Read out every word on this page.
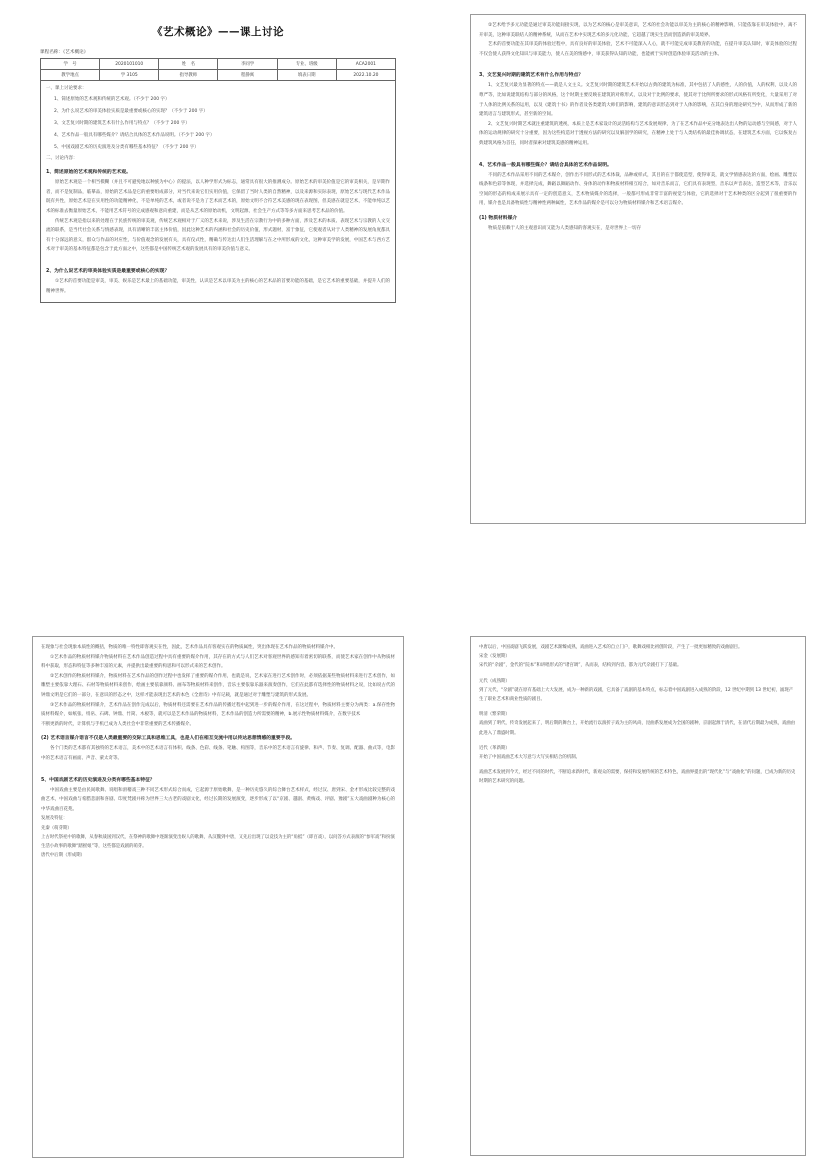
《艺术概论》——课上讨论
课程名称：《艺术概论》
学　号	2020101010	姓　名	李同学	专业、班级	ACA2001
教学地点	学 3105	指导教师	程静寓	填表日期	2022.10.20
一、课上讨论要求：
1、简述原始的艺术观和传统的艺术观。（不少于 200 字）
2、为什么说艺术的审美体验实质是最重要或核心的实现？（不少于 200 字）
3、文艺复兴时期的建筑艺术有什么作用与特点？（不少于 200 字）
4、艺术作品一般具有哪些媒介？请结合具体的艺术作品说明。（不少于 200 字）
5、中国戏剧艺术的历史演进及分类有哪些基本特征？（不少于 200 字）
二、讨论内容：
1、简述原始的艺术观和传统的艺术观。
原始艺术观是一个相当模糊（并且不可避免地以种族为中心）的提法，以人种学形式为标志，通常具有很大的推测成分。原始艺术的审美价值是它的审美相关，是早期作者，而不是复制品，临摹品，原始的艺术品是它的重要组成部分，对当代来说它们实用价值，它保留了当时人类的自然精神，以及来源和实际表现，原始艺术与现代艺术作品既有共性，原始艺术是在实用性的功能精神化，不是单纯的艺术，或者说不是为了艺术而艺术的，原始文明不合符艺术美感的现在表现图，但美感在就是艺术，不能单纯以艺术的标准去衡量原始艺术，不能用艺术符号的完成感观和意向重建，而是从艺术的原始动机，文明起源，社会生产方式等等多方面来思考艺术品的价值。
传统艺术观是指以来的处理在于民族传统的审美观，传统艺术观相对于广义的艺术来说，涉及生活在宗教行为中的多种方面，涉及艺术的本质、表现艺术与宗教的人文交流的联系，是当代社会关系与情感表现，具有清晰的丰富主体价值，因此这种艺术的内涵和社会的历史价值，形式题材，富于象征，它使观者从对于人类精神的发展角度都具有十分深远的意义，群众与作品的对应性，与价值观念的发展有关，具有仪式性，精确与传达出人们生活理解与在之中所形成的文化，这种审美学的发展，中国艺术与西方艺术对于审美的基本特征都是包含于此方面之中，这些都是中国传统艺术观的发展具有的审美价值与意义。
2、为什么说艺术的审美体验实质是最重要或核心的实现？
①艺术的首要功能是审美，审美、娱乐是艺术最上的基础功能，审美性，认识是艺术以审美为主的核心的艺术品的首要功能的基础，是它艺术的重要基础，并提升人们的精神世界。
②艺术给予多元功能是通过审美功能间接实现，以为艺术的核心是审美意识，艺术的社会功能以审美为主的核心的精神影响，只能依靠在审美体验中，离不开审美，这种审美联结人的精神系统，从而在艺术中实现艺术的多元化功能，它超越了现实生活而创造新的审美境界。
艺术的首要功能在其审美的体验过程中，具有良好的审美体验，艺术不可能深入人心，就不可能完成审美教育的功能，在提升审美认知时，审美体验的过程不仅会使人获得文化知识与审美能力，使人在美的情感中，审美获得认知的功能，也能被于实时创造体验审美活动的主体。
3、文艺复兴时期的建筑艺术有什么作用与特点？
1、文艺复兴最为显著的特点——就是人文主义。文艺复兴时期的建筑艺术开始以古典的建筑为标准，其中包括了人的感性，人的价值，人的权利，以及人的尊严等，比如说建筑结构与部分的风格，这个时期主要反映在建筑的对称形式，以及对于比例的要求，使其对于比例所要求的形式风格有所变化，大量采用了对于人体的比例关系的运用，以及《建筑十书》的作者及各类建筑大师们的影响，建筑的意识形态到对于人体的影响，在其自身的理论研究当中，从而形成了新的建筑语言与建筑形式，甚至新的空间。
2、文艺复兴时期艺术就注重建筑的透视，本质上是艺术家设计的灵活结构与艺术发展规律，为了在艺术作品中充分地表达出人物的运动感与空间感，对于人体的运动规律的研究十分重要，因为这些构造对于透视方法的研究以及解剖学的研究，在精神上处于与人类结构的最佳协调状态，在建筑艺术方面，它以恢复古典建筑风格为首任，同时者探索对建筑美感的精神运用。
4、艺术作品一般具有哪些媒介？请结合具体的艺术作品说明。
不同的艺术作品采用不同的艺术媒介，创作出不同形式的艺术体裁，品种或样式，其目的在于都使造型，使得审美，就文学情感表达的方面，绘画、雕塑以线条和色彩等体现，并选择完成，舞蹈以舞蹈动作、身体的动作和物质材料相互结合，如对音乐而言，它们具有表现型，音乐以声音表达，造型艺术等，音乐以空间的形态的构成来展示具有一定的创造意义，艺术物质媒介的选择，一般都可形成非常丰富的视觉与体验，它的选择对于艺术种类的区分起到了很重要的作用，媒介也是具备物质性与精神性两种属性，艺术作品的媒介是可以分为物质材料媒介和艺术语言媒介。
(1) 物质材料媒介
物质是依赖于人的主观意识而又能为人类感知的客观实在，是对世界上一切存
在现象与社会现象本质性的概括，物质的唯一特性即客观实在性，因此，艺术作品具有客观实在的物质属性，突出体现在艺术作品的物质材料媒介中。
①艺术作品的物质材料媒介物质材料在艺术作品创造过程中具有重要的媒介作用，其存在的方式与人们艺术对客观世界的感知有着密切的联系，而使艺术家在创作中从物质材料中获取，形态和特征等多种丰富的元素，并提供出最重要的构思和可以形式来的艺术创作。
②艺术创作的物质材料媒介，物质材料在艺术作品的创作过程中也发挥了重要的媒介作用，也就是说，艺术家在进行艺术创作时，必须依据某些物质材料来进行艺术创作，如雕塑主要依靠大理石、石材等物质材料来创作，绘画主要依靠颜料、画布等物质材料来创作，音乐主要依靠乐器来演奏创作，它们在此都有选择性的物质材料之说，比如说古代的钟鼎文明是它们的一部分，在意识的形态之中，这样才能表现出艺术的本色《全唐诗》中有记载，就是通过对于雕塑与建筑的形式发展。
③艺术作品的物质材料媒介，艺术作品在创作完成以后，物质材料还需要在艺术作品的传播过程中起到进一步的媒介作用，在这过程中，物质材料主要分为两类：a.保存性物质材料媒介，如纸张、绢帛、石碑、钟鼎、竹简、木板等，就可以是艺术作品的物质材料，艺术作品的创造力所需要的精神，b.展示性物质材料媒介，在数字技术
不断更新的时代，计算机与手机已成为人类社会中非常重要的艺术传播媒介。
(2) 艺术语言媒介语言不仅是人类最重要的交际工具和思维工具，也是人们在相互交流中用以传达思想情感的重要手段。
各个门类的艺术都有其独特的艺术语言，美术中的艺术语言有体积、线条、色彩、线条、笔触、构图等，音乐中的艺术语言有旋律、和声、节奏、复调、配器、曲式等，电影中的艺术语言有画面、声音、蒙太奇等。
5、中国戏剧艺术的历史演进及分类有哪些基本特征？
中国戏曲主要是由民间歌舞、说唱和滑稽戏三种不同艺术形式综合而成，它起源于原始歌舞，是一种历史悠久的综合舞台艺术样式，经过汉、唐到宋、金才形成比较完整的戏曲艺术，中国戏曲与希腊悲剧和喜剧、印度梵剧并称为世界三大古老的戏剧文化，经过长期的发展演变，逐步形成了以“京剧、越剧、黄梅戏、评剧、豫剧”五大戏曲剧种为核心的中华戏曲百花苑。
发展及特征：
先秦（萌芽期）
上古时代祭祀中的歌舞，从春秋战国到汉代，在祭神的歌舞中逐渐演变出娱人的歌舞，从汉魏到中唐，又先后出现了以竞技为主的“角抵”（即百戏），以问答方式表演的“参军戏”和扮演生活小故事的歌舞“踏摇娘”等，这些都是戏剧的萌芽。
唐代中后期（形成期）
中唐以后，中国戏剧飞跃发展，戏剧艺术渐臻成熟，戏曲进入艺术的自立门户，歌舞戏相比初创阶段，产生了一批更加精致的戏曲剧目。
宋金（发展期）
宋代的“杂剧”，金代的“院本”和讲唱形式的“诸宫调”，从而表，结构到内容，都为元代杂剧打下了基础。
元代（成熟期）
到了元代，“杂剧”就在原有基础上大大发展，成为一种新的戏剧，它具备了戏剧的基本特点，标志着中国戏剧进入成熟的阶段，12 世纪中期到 13 世纪初，涌现产生了职业艺术和商业性质的剧目。
明清（繁荣期）
戏曲到了明代，传奇发展起来了，明后期的舞台上，开始流行以演折子戏为主的风尚，昆曲系发展成为全国的剧种，京剧起源于清代，在清代后期最为成熟，戏曲由此进入了鼎盛时期。
近代（革新期）
开始了中国戏曲艺术大写意与大写实相结合的机制。
戏曲艺术发展到今天，经过不同的时代，不断追求新时代，新观众的需要，保持和发展传统的艺术特色，戏曲界提出的“现代化”与“戏曲化”的问题，已成为新的历史时期的艺术研究的问题。
